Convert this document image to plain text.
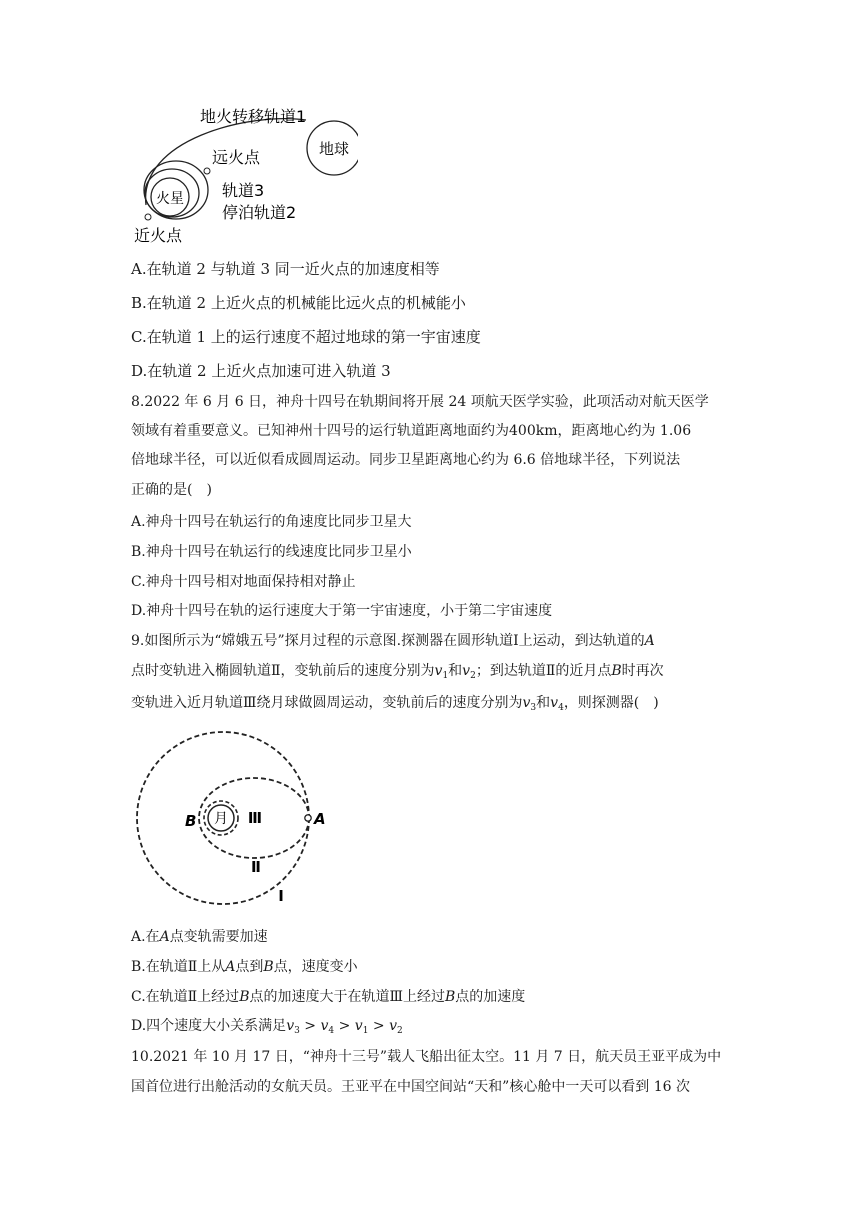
地球
火星
地火转移轨道1
远火点
轨道3
停泊轨道2
近火点
A.在轨道 2 与轨道 3 同一近火点的加速度相等
B.在轨道 2 上近火点的机械能比远火点的机械能小
C.在轨道 1 上的运行速度不超过地球的第一宇宙速度
D.在轨道 2 上近火点加速可进入轨道 3
8.2022 年 6 月 6 日，神舟十四号在轨期间将开展 24 项航天医学实验，此项活动对航天医学
领域有着重要意义。已知神州十四号的运行轨道距离地面约为400km，距离地心约为 1.06
倍地球半径，可以近似看成圆周运动。同步卫星距离地心约为 6.6 倍地球半径，下列说法
正确的是(　)
A.神舟十四号在轨运行的角速度比同步卫星大
B.神舟十四号在轨运行的线速度比同步卫星小
C.神舟十四号相对地面保持相对静止
D.神舟十四号在轨的运行速度大于第一宇宙速度，小于第二宇宙速度
9.如图所示为“嫦娥五号”探月过程的示意图.探测器在圆形轨道Ⅰ上运动，到达轨道的A
点时变轨进入椭圆轨道Ⅱ，变轨前后的速度分别为$v_1$和$v_2$；到达轨道Ⅱ的近月点B时再次
变轨进入近月轨道Ⅲ绕月球做圆周运动，变轨前后的速度分别为$v_3$和$v_4$，则探测器(　)
月 Ⅲ
Ⅱ
Ⅰ
A
B
A.在A点变轨需要加速
B.在轨道Ⅱ上从A点到B点，速度变小
C.在轨道Ⅱ上经过B点的加速度大于在轨道Ⅲ上经过B点的加速度
D.四个速度大小关系满足$v_3 > v_4 > v_1 > v_2$
10.2021 年 10 月 17 日，“神舟十三号”载人飞船出征太空。11 月 7 日，航天员王亚平成为中
国首位进行出舱活动的女航天员。王亚平在中国空间站“天和”核心舱中一天可以看到 16 次
